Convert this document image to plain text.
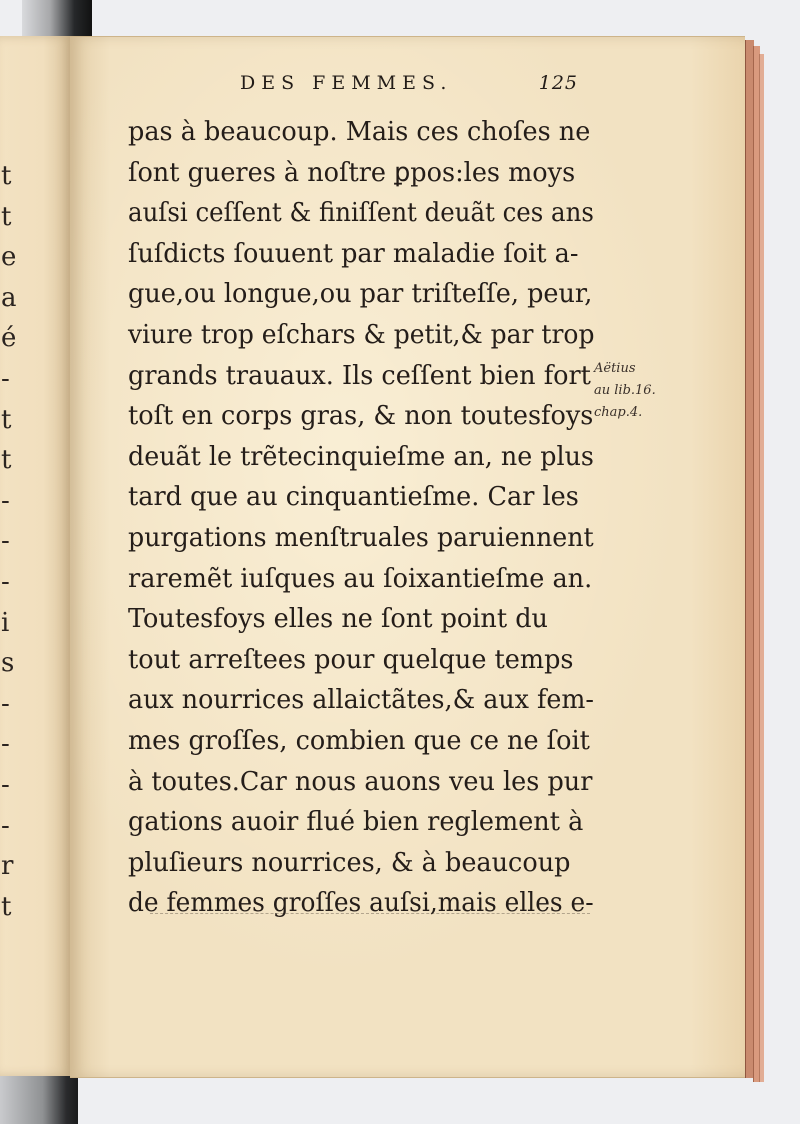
t
t
e
a
é
-
t
t
-
-
-
i
s
-
-
-
-
r
t
DES FEMMES.	125
pas à beaucoup. Mais ces choſes ne
ſont gueres à noſtre ꝑpos:les moys
auſsi ceſſent & finiſſent deuãt ces ans
ſuſdicts ſouuent par maladie ſoit a-
gue,ou longue,ou par triſteſſe, peur,
viure trop eſchars & petit,& par trop
grands trauaux. Ils ceſſent bien fort
toſt en corps gras, & non toutesfoys
deuãt le trẽtecinquieſme an, ne plus
tard que au cinquantieſme. Car les
purgations menſtruales paruiennent
raremẽt iuſques au ſoixantieſme an.
Toutesfoys elles ne ſont point du
tout arreſtees pour quelque temps
aux nourrices allaictãtes,& aux fem-
mes groſſes, combien que ce ne ſoit
à toutes.Car nous auons veu les pur
gations auoir flué bien reglement à
pluſieurs nourrices, & à beaucoup
de femmes groſſes auſsi,mais elles e-
Aëtius
au lib.16.
chap.4.
